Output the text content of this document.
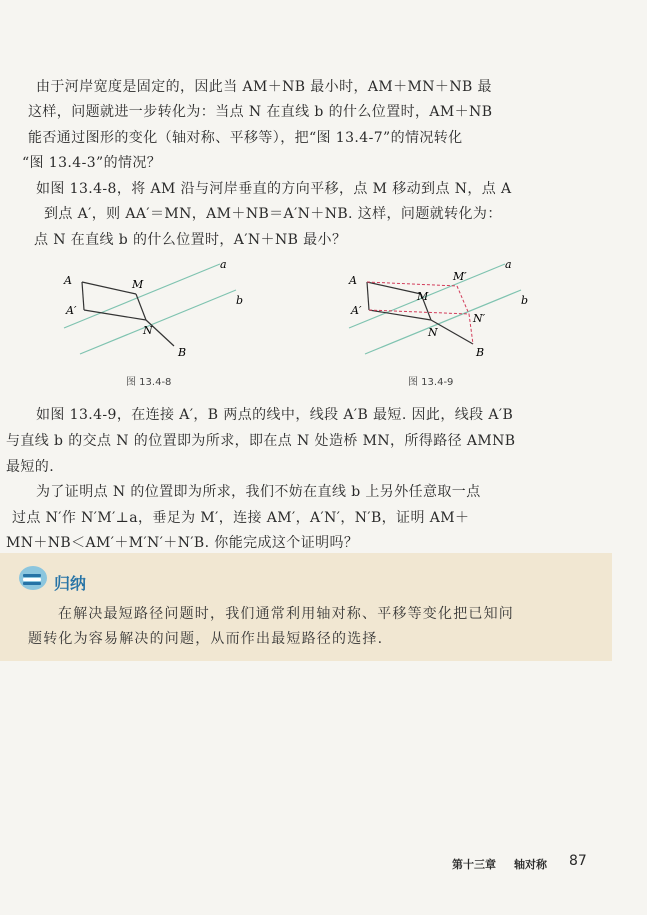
由于河岸宽度是固定的，因此当 AM＋NB 最小时，AM＋MN＋NB 最
这样，问题就进一步转化为：当点 N 在直线 b 的什么位置时，AM＋NB
能否通过图形的变化（轴对称、平移等），把“图 13.4-7”的情况转化
“图 13.4-3”的情况？
如图 13.4-8，将 AM 沿与河岸垂直的方向平移，点 M 移动到点 N，点 A
到点 A′，则 AA′＝MN，AM＋NB＝A′N＋NB. 这样，问题就转化为：
点 N 在直线 b 的什么位置时，A′N＋NB 最小？
A
A′
M
N
B
a
b
图 13.4-8
A
A′
M
M′
N
N′
B
a
b
图 13.4-9
如图 13.4-9，在连接 A′，B 两点的线中，线段 A′B 最短. 因此，线段 A′B
与直线 b 的交点 N 的位置即为所求，即在点 N 处造桥 MN，所得路径 AMNB
最短的.
为了证明点 N 的位置即为所求，我们不妨在直线 b 上另外任意取一点
过点 N′作 N′M′⊥a，垂足为 M′，连接 AM′，A′N′，N′B，证明 AM＋
MN＋NB＜AM′＋M′N′＋N′B. 你能完成这个证明吗？
归纳
在解决最短路径问题时，我们通常利用轴对称、平移等变化把已知问
题转化为容易解决的问题，从而作出最短路径的选择.
第十三章 轴对称 87
